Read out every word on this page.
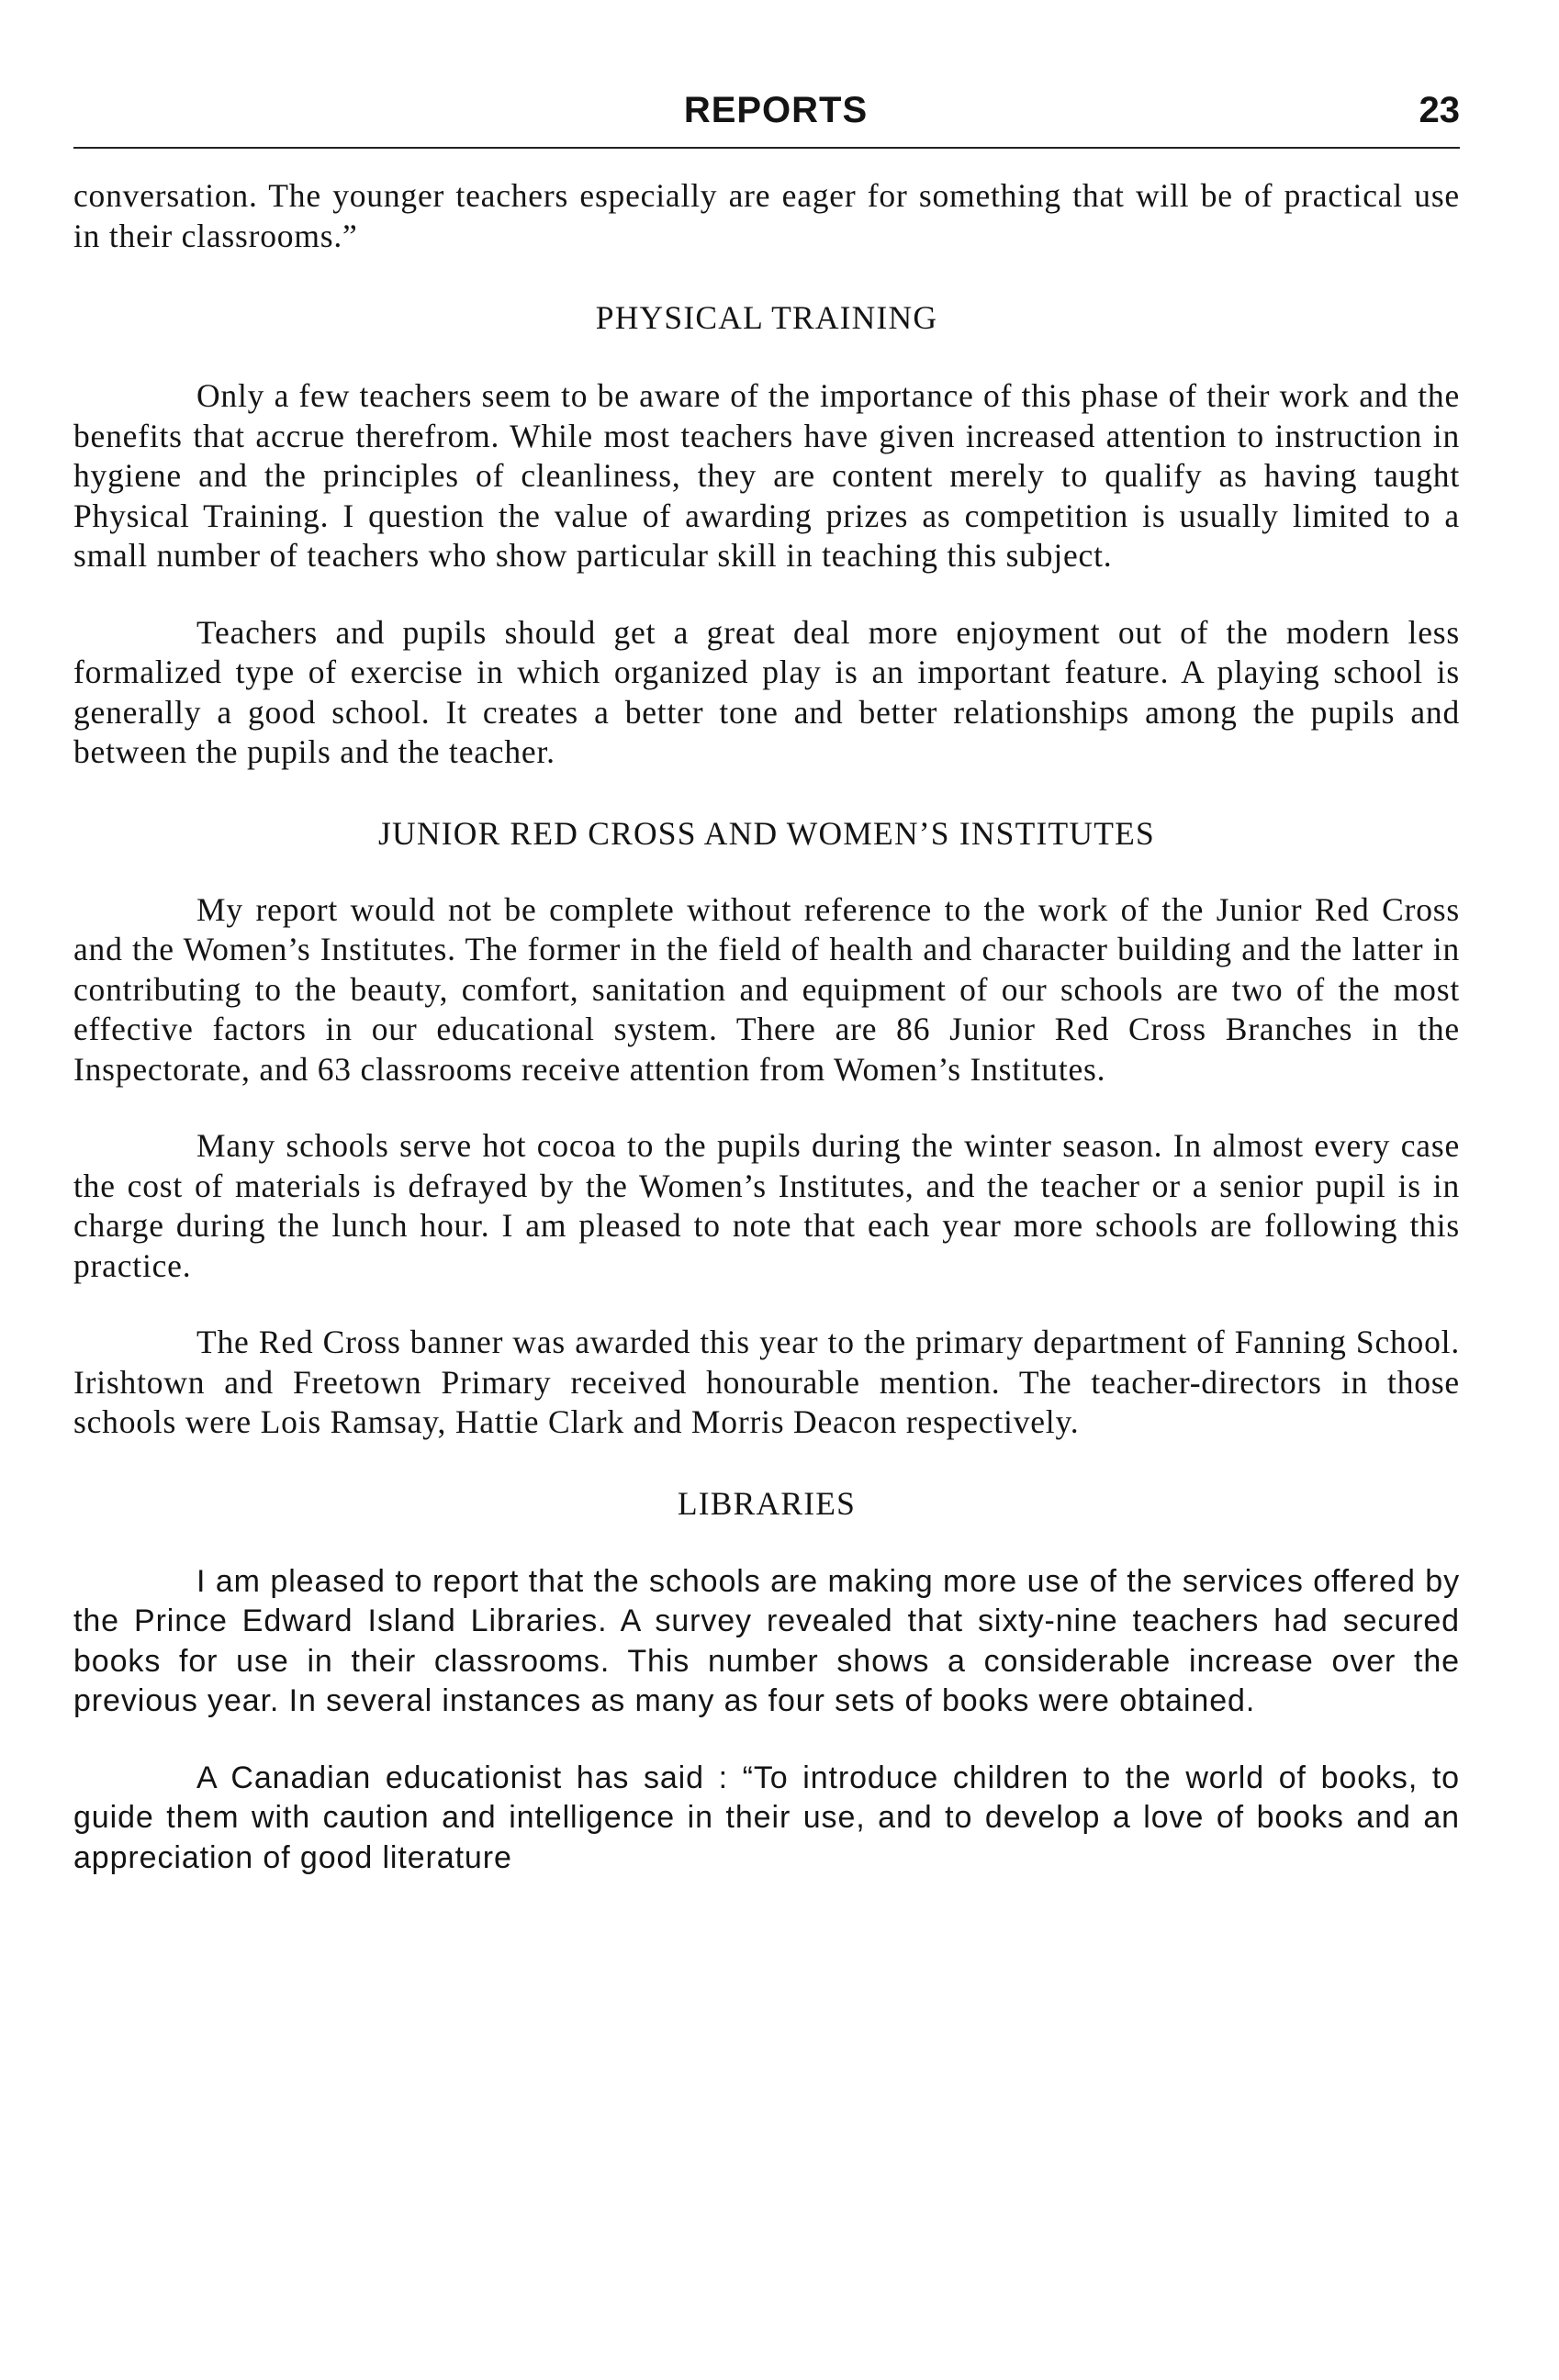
REPORTS	23

conversation. The younger teachers especially are eager for something that will be of practical use in their classrooms.”

PHYSICAL TRAINING

Only a few teachers seem to be aware of the importance of this phase of their work and the benefits that accrue therefrom. While most teachers have given increased attention to instruction in hygiene and the principles of cleanliness, they are content merely to qualify as having taught Physical Training. I question the value of awarding prizes as competition is usually limited to a small number of teachers who show particular skill in teaching this subject.

Teachers and pupils should get a great deal more enjoyment out of the modern less formalized type of exercise in which organized play is an important feature. A playing school is generally a good school. It creates a better tone and better relationships among the pupils and between the pupils and the teacher.

JUNIOR RED CROSS AND WOMEN’S INSTITUTES

My report would not be complete without reference to the work of the Junior Red Cross and the Women’s Institutes. The former in the field of health and character building and the latter in contributing to the beauty, comfort, sanitation and equipment of our schools are two of the most effective factors in our educational system. There are 86 Junior Red Cross Branches in the Inspectorate, and 63 classrooms receive attention from Women’s Institutes.

Many schools serve hot cocoa to the pupils during the winter season. In almost every case the cost of materials is defrayed by the Women’s Institutes, and the teacher or a senior pupil is in charge during the lunch hour. I am pleased to note that each year more schools are following this practice.

The Red Cross banner was awarded this year to the primary department of Fanning School. Irishtown and Freetown Primary received honourable mention. The teacher-directors in those schools were Lois Ramsay, Hattie Clark and Morris Deacon respectively.

LIBRARIES

I am pleased to report that the schools are making more use of the services offered by the Prince Edward Island Libraries. A survey revealed that sixty-nine teachers had secured books for use in their classrooms. This number shows a considerable increase over the previous year. In several instances as many as four sets of books were obtained.

A Canadian educationist has said : “To introduce children to the world of books, to guide them with caution and intelligence in their use, and to develop a love of books and an appreciation of good literature
